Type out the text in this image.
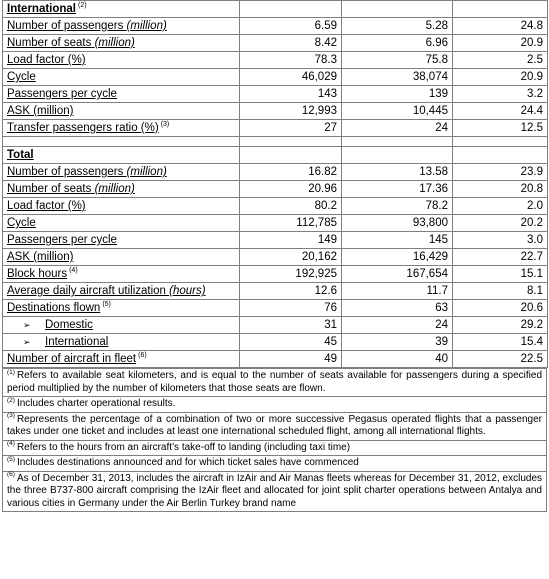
International $^{(2)}$			
Number of passengers (million)	6.59	5.28	24.8
Number of seats (million)	8.42	6.96	20.9
Load factor (%)	78.3	75.8	2.5
Cycle	46,029	38,074	20.9
Passengers per cycle	143	139	3.2
ASK (million)	12,993	10,445	24.4
Transfer passengers ratio (%) $^{(3)}$	27	24	12.5

Total			
Number of passengers (million)	16.82	13.58	23.9
Number of seats (million)	20.96	17.36	20.8
Load factor (%)	80.2	78.2	2.0
Cycle	112,785	93,800	20.2
Passengers per cycle	149	145	3.0
ASK (million)	20,162	16,429	22.7
Block hours $^{(4)}$	192,925	167,654	15.1
Average daily aircraft utilization (hours)	12.6	11.7	8.1
Destinations flown $^{(5)}$	76	63	20.6
➢ Domestic	31	24	29.2
➢ International	45	39	15.4
Number of aircraft in fleet $^{(6)}$	49	40	22.5
$^{(1)}$ Refers to available seat kilometers, and is equal to the number of seats available for passengers during a specified period multiplied by the number of kilometers that those seats are flown.
$^{(2)}$ Includes charter operational results.
$^{(3)}$ Represents the percentage of a combination of two or more successive Pegasus operated flights that a passenger takes under one ticket and includes at least one international scheduled flight, among all international flights.
$^{(4)}$ Refers to the hours from an aircraft’s take-off to landing (including taxi time)
$^{(5)}$ Includes destinations announced and for which ticket sales have commenced
$^{(6)}$ As of December 31, 2013, includes the aircraft in IzAir and Air Manas fleets whereas for December 31, 2012, excludes the three B737-800 aircraft comprising the IzAir fleet and allocated for joint split charter operations between Antalya and various cities in Germany under the Air Berlin Turkey brand name
